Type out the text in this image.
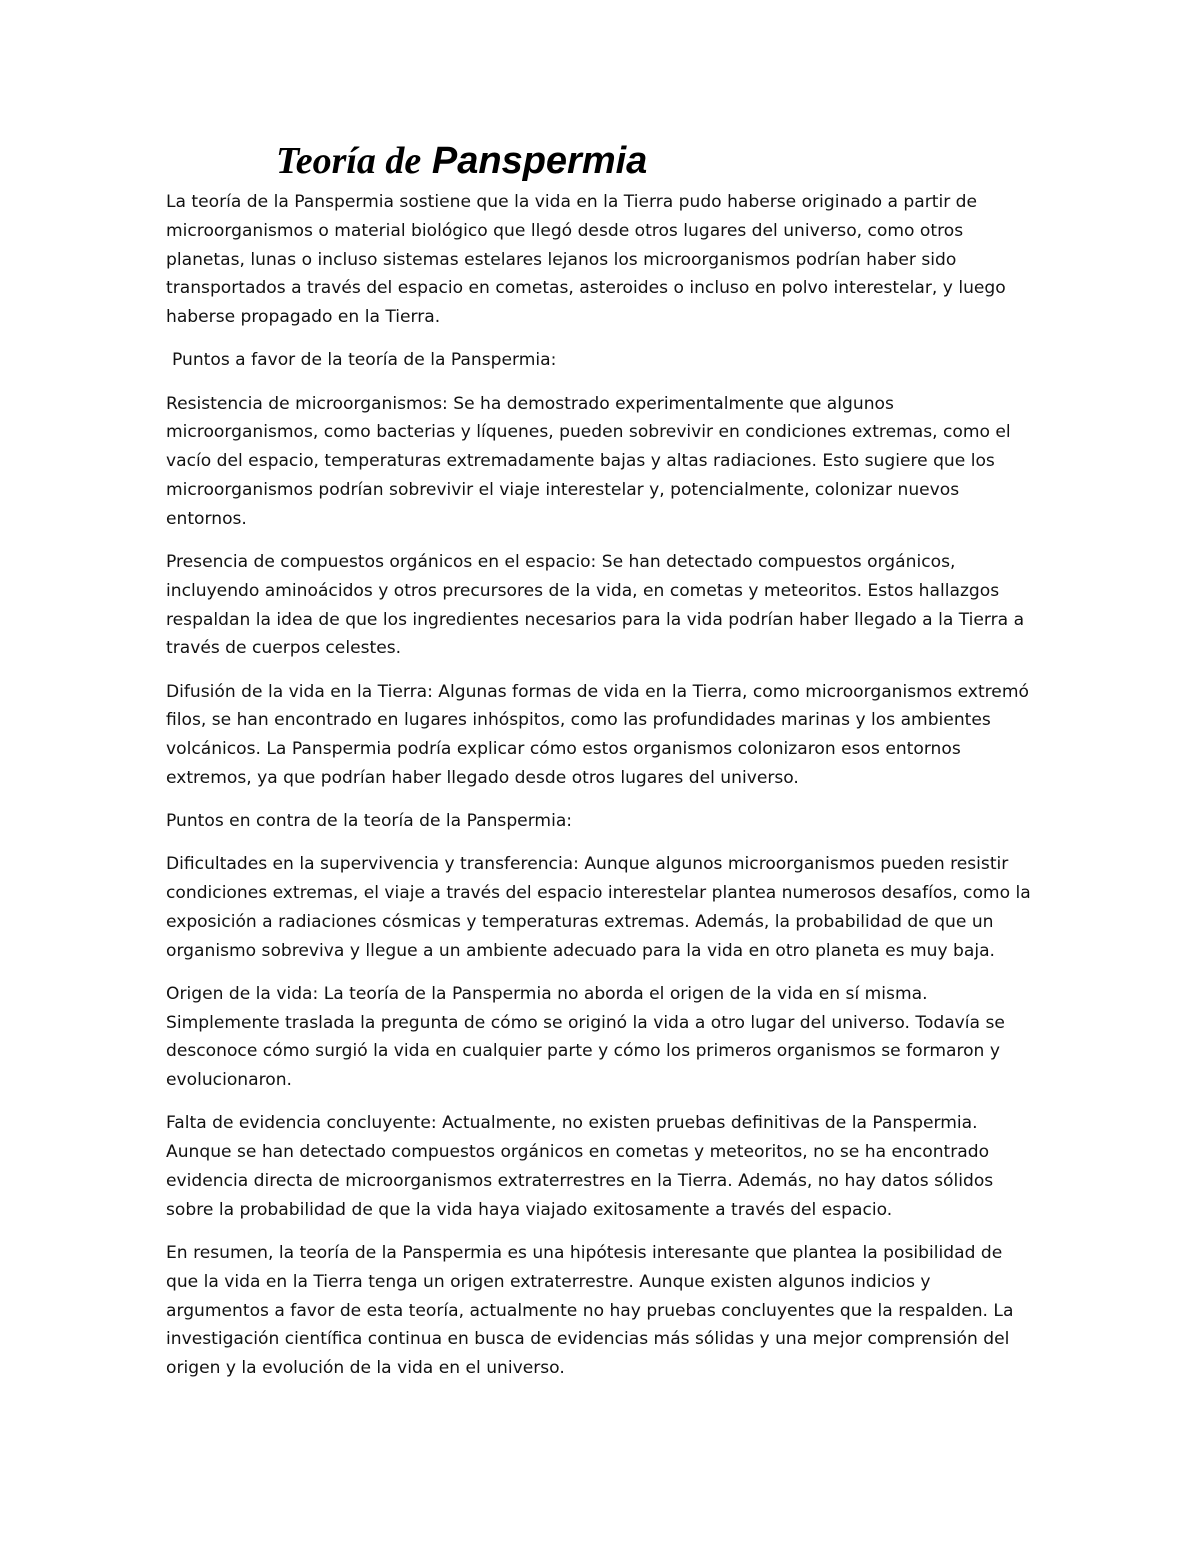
Teoría de Panspermia

La teoría de la Panspermia sostiene que la vida en la Tierra pudo haberse originado a partir de microorganismos o material biológico que llegó desde otros lugares del universo, como otros planetas, lunas o incluso sistemas estelares lejanos los microorganismos podrían haber sido transportados a través del espacio en cometas, asteroides o incluso en polvo interestelar, y luego haberse propagado en la Tierra.

Puntos a favor de la teoría de la Panspermia:

Resistencia de microorganismos: Se ha demostrado experimentalmente que algunos microorganismos, como bacterias y líquenes, pueden sobrevivir en condiciones extremas, como el vacío del espacio, temperaturas extremadamente bajas y altas radiaciones. Esto sugiere que los microorganismos podrían sobrevivir el viaje interestelar y, potencialmente, colonizar nuevos entornos.

Presencia de compuestos orgánicos en el espacio: Se han detectado compuestos orgánicos, incluyendo aminoácidos y otros precursores de la vida, en cometas y meteoritos. Estos hallazgos respaldan la idea de que los ingredientes necesarios para la vida podrían haber llegado a la Tierra a través de cuerpos celestes.

Difusión de la vida en la Tierra: Algunas formas de vida en la Tierra, como microorganismos extremó filos, se han encontrado en lugares inhóspitos, como las profundidades marinas y los ambientes volcánicos. La Panspermia podría explicar cómo estos organismos colonizaron esos entornos extremos, ya que podrían haber llegado desde otros lugares del universo.

Puntos en contra de la teoría de la Panspermia:

Dificultades en la supervivencia y transferencia: Aunque algunos microorganismos pueden resistir condiciones extremas, el viaje a través del espacio interestelar plantea numerosos desafíos, como la exposición a radiaciones cósmicas y temperaturas extremas. Además, la probabilidad de que un organismo sobreviva y llegue a un ambiente adecuado para la vida en otro planeta es muy baja.

Origen de la vida: La teoría de la Panspermia no aborda el origen de la vida en sí misma. Simplemente traslada la pregunta de cómo se originó la vida a otro lugar del universo. Todavía se desconoce cómo surgió la vida en cualquier parte y cómo los primeros organismos se formaron y evolucionaron.

Falta de evidencia concluyente: Actualmente, no existen pruebas definitivas de la Panspermia. Aunque se han detectado compuestos orgánicos en cometas y meteoritos, no se ha encontrado evidencia directa de microorganismos extraterrestres en la Tierra. Además, no hay datos sólidos sobre la probabilidad de que la vida haya viajado exitosamente a través del espacio.

En resumen, la teoría de la Panspermia es una hipótesis interesante que plantea la posibilidad de que la vida en la Tierra tenga un origen extraterrestre. Aunque existen algunos indicios y argumentos a favor de esta teoría, actualmente no hay pruebas concluyentes que la respalden. La investigación científica continua en busca de evidencias más sólidas y una mejor comprensión del origen y la evolución de la vida en el universo.
